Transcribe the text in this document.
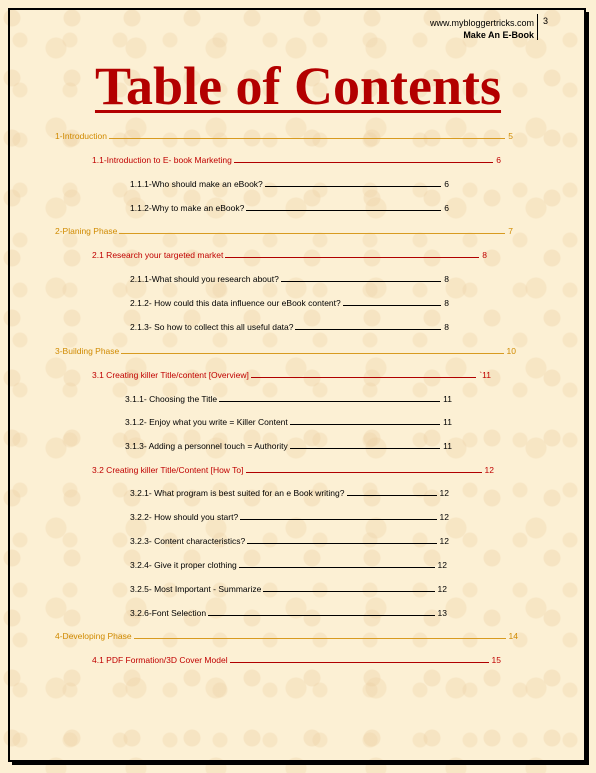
www.mybloggertricks.com
Make An E-Book
3
Table of Contents
1-Introduction	5
1.1-Introduction to E- book Marketing	6
1.1.1-Who should make an eBook?	6
1.1.2-Why to make an eBook?	6
2-Planing Phase	7
2.1 Research your targeted market	8
2.1.1-What should you research about?	8
2.1.2- How could this data influence our eBook content?	8
2.1.3- So how to collect this all useful data?	8
3-Building Phase	10
3.1 Creating killer Title/content [Overview]	`11
3.1.1- Choosing the Title	11
3.1.2- Enjoy what you write = Killer Content	11
3.1.3- Adding a personnel touch = Authority	11
3.2 Creating killer Title/Content [How To]	12
3.2.1- What program is best suited for an e Book writing?	12
3.2.2- How should you start?	12
3.2.3- Content characteristics?	12
3.2.4- Give it proper clothing	12
3.2.5- Most Important - Summarize	12
3.2.6-Font Selection	13
4-Developing Phase	14
4.1 PDF Formation/3D Cover Model	15
